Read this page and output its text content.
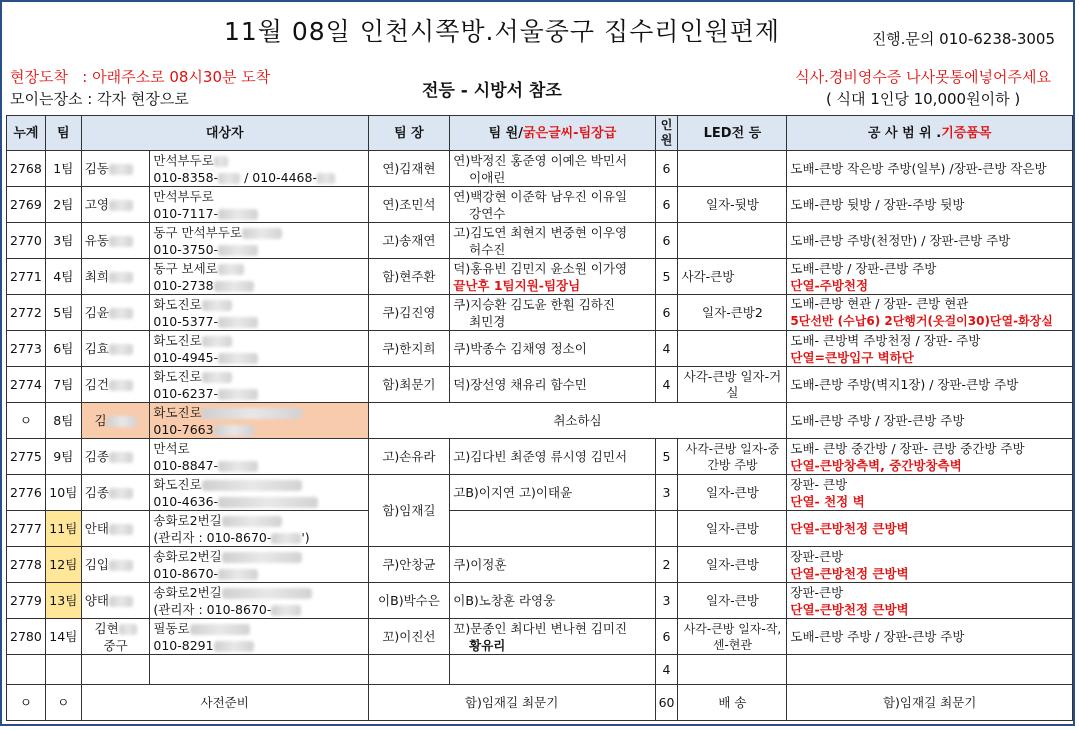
11월 08일 인천시쪽방.서울중구 집수리인원편제	진행.문의 010-6238-3005
현장도착 : 아래주소로 08시30분 도착
모이는장소 : 각자 현장으로	전등 - 시방서 참조
식사.경비영수증 나사못통에넣어주세요
( 식대 1인당 10,000원이하 )
누계	팀	대상자		팀 장	팀 원/굵은글씨-팀장급	인원	LED전 등	공 사 범 위 .기증품목
2768	1팀	김동	만석부두로
010-8358- / 010-4468-	연)김재현	연)박정진 홍준영 이예은 박민서
이애린	6		도배-큰방 작은방 주방(일부) /장판-큰방 작은방
2769	2팀	고영	만석부두로
010-7117-	연)조민석	연)백강현 이준학 남우진 이유일
강연수	6	일자-뒷방	도배-큰방 뒷방 / 장판-주방 뒷방
2770	3팀	유동	동구 만석부두로
010-3750-	고)송재연	고)김도연 최현지 변중현 이우영
허수진	6		도배-큰방 주방(천정만) / 장판-큰방 주방
2771	4팀	최희	동구 보세로
010-2738	함)현주환	덕)홍유빈 김민지 윤소원 이가영
끝난후 1팀지원-팀장님	5	사각-큰방	도배-큰방 / 장판-큰방 주방
단열-주방천정
2772	5팀	김윤	화도진로
010-5377-	쿠)김진영	쿠)지승환 김도윤 한훤 김하진
최민경	6	일자-큰방2	도배-큰방 현관 / 장판- 큰방 현관
5단선반 (수납6) 2단행거(옷걸이30)단열-화장실
2773	6팀	김효	화도진로
010-4945-	쿠)한지희	쿠)박종수 김채영 정소이	4		도배- 큰방벽 주방천정 / 장판- 주방
단열=큰방입구 벽하단
2774	7팀	김건	화도진로
010-6237-	함)최문기	덕)장선영 채유리 함수민	4	사각-큰방 일자-거실	도배-큰방 주방(벽지1장) / 장판-큰방 주방
ㅇ	8팀	김	화도진로
010-7663	취소하심				도배-큰방 주방 / 장판-큰방 주방
2775	9팀	김종	만석로
010-8847-	고)손유라	고)김다빈 최준영 류시영 김민서	5	사각-큰방 일자-중간방 주방	도배- 큰방 중간방 / 장판- 큰방 중간방 주방
단열-큰방창측벽, 중간방창측벽
2776	10팀	김종	화도진로
010-4636-	함)임재길	고B)이지연 고)이태윤	3	일자-큰방	장판- 큰방
단열- 천정 벽
2777	11팀	안태	송화로2번길
(관리자 : 010-8670- ')				일자-큰방	단열-큰방천정 큰방벽
2778	12팀	김입	송화로2번길
010-8670-	쿠)안창균	쿠)이정훈	2	일자-큰방	장판-큰방
단열-큰방천정 큰방벽
2779	13팀	양태	송화로2번길
(관리자 : 010-8670-	이B)박수은	이B)노창훈 라영웅	3	일자-큰방	장판-큰방
단열-큰방천정 큰방벽
2780	14팀	김현
중구	필동로
010-8291	꼬)이진선	꼬)문종인 최다빈 변나현 김미진
황유리	6	사각-큰방 일자-작,센-현관	도배-큰방 주방 / 장판-큰방 주방
						4		
ㅇ	ㅇ	사전준비		함)임재길 최문기		60	배 송	함)임재길 최문기
